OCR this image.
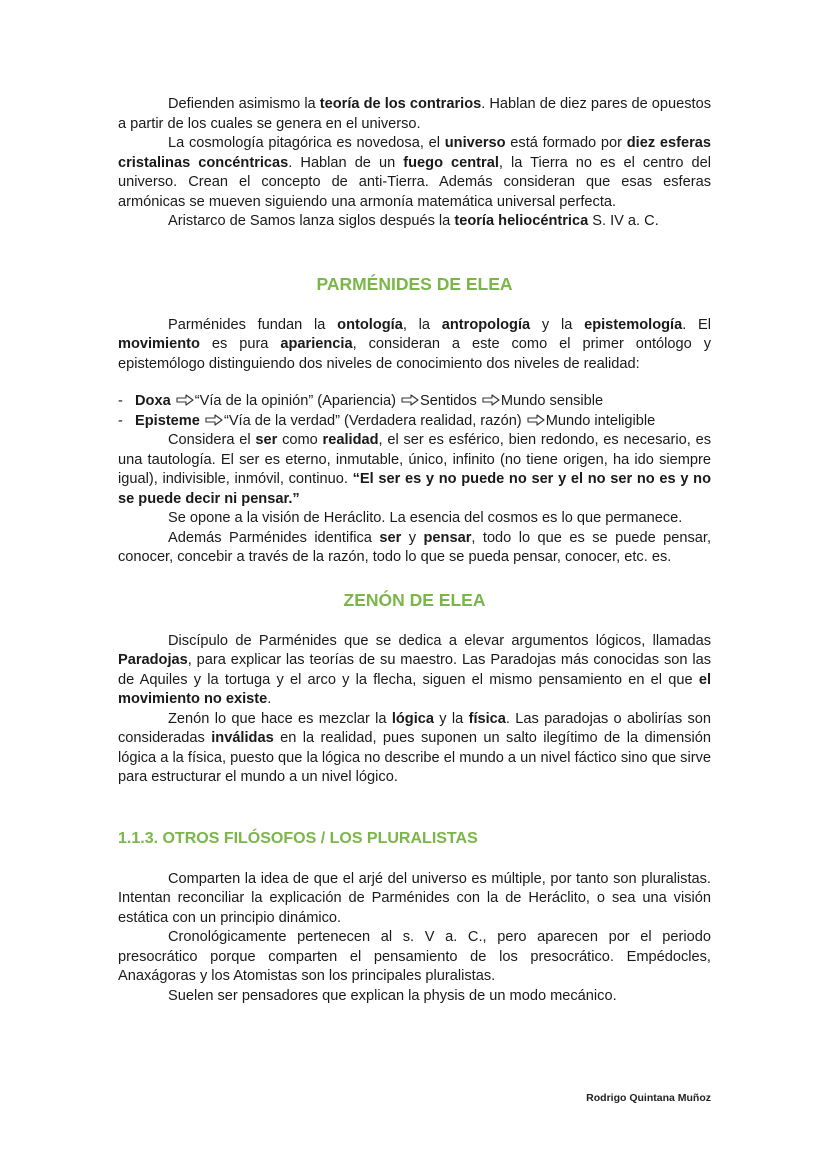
Defienden asimismo la teoría de los contrarios. Hablan de diez pares de opuestos a partir de los cuales se genera en el universo.

La cosmología pitagórica es novedosa, el universo está formado por diez esferas cristalinas concéntricas. Hablan de un fuego central, la Tierra no es el centro del universo. Crean el concepto de anti-Tierra. Además consideran que esas esferas armónicas se mueven siguiendo una armonía matemática universal perfecta.

Aristarco de Samos lanza siglos después la teoría heliocéntrica S. IV a. C.

PARMÉNIDES DE ELEA

Parménides fundan la ontología, la antropología y la epistemología. El movimiento es pura apariencia, consideran a este como el primer ontólogo y epistemólogo distinguiendo dos niveles de conocimiento dos niveles de realidad:

- Doxa “Vía de la opinión” (Apariencia) Sentidos Mundo sensible
- Episteme “Vía de la verdad” (Verdadera realidad, razón) Mundo inteligible

Considera el ser como realidad, el ser es esférico, bien redondo, es necesario, es una tautología. El ser es eterno, inmutable, único, infinito (no tiene origen, ha ido siempre igual), indivisible, inmóvil, continuo. “El ser es y no puede no ser y el no ser no es y no se puede decir ni pensar.”

Se opone a la visión de Heráclito. La esencia del cosmos es lo que permanece.

Además Parménides identifica ser y pensar, todo lo que es se puede pensar, conocer, concebir a través de la razón, todo lo que se pueda pensar, conocer, etc. es.

ZENÓN DE ELEA

Discípulo de Parménides que se dedica a elevar argumentos lógicos, llamadas Paradojas, para explicar las teorías de su maestro. Las Paradojas más conocidas son las de Aquiles y la tortuga y el arco y la flecha, siguen el mismo pensamiento en el que el movimiento no existe.

Zenón lo que hace es mezclar la lógica y la física. Las paradojas o abolirías son consideradas inválidas en la realidad, pues suponen un salto ilegítimo de la dimensión lógica a la física, puesto que la lógica no describe el mundo a un nivel fáctico sino que sirve para estructurar el mundo a un nivel lógico.

1.1.3. OTROS FILÓSOFOS / LOS PLURALISTAS

Comparten la idea de que el arjé del universo es múltiple, por tanto son pluralistas. Intentan reconciliar la explicación de Parménides con la de Heráclito, o sea una visión estática con un principio dinámico.

Cronológicamente pertenecen al s. V a. C., pero aparecen por el periodo presocrático porque comparten el pensamiento de los presocrático. Empédocles, Anaxágoras y los Atomistas son los principales pluralistas.

Suelen ser pensadores que explican la physis de un modo mecánico.

Rodrigo Quintana Muñoz
